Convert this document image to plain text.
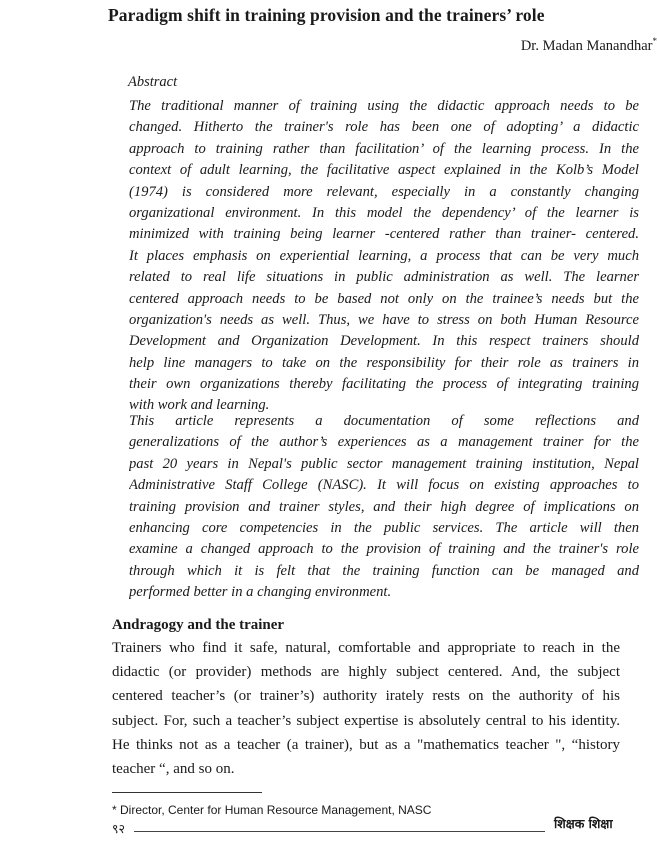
Paradigm shift in training provision and the trainers’ role
Dr. Madan Manandhar*
Abstract
The traditional manner of training using the didactic approach needs to be
changed. Hitherto the trainer's role has been one of adopting’ a didactic
approach to training rather than facilitation’ of the learning process. In the
context of adult learning, the facilitative aspect explained in the Kolb’s Model
(1974) is considered more relevant, especially in a constantly changing
organizational environment. In this model the dependency’ of the learner is
minimized with training being learner -centered rather than trainer- centered.
It places emphasis on experiential learning, a process that can be very much
related to real life situations in public administration as well. The learner
centered approach needs to be based not only on the trainee’s needs but the
organization's needs as well. Thus, we have to stress on both Human Resource
Development and Organization Development. In this respect trainers should
help line managers to take on the responsibility for their role as trainers in
their own organizations thereby facilitating the process of integrating training
with work and learning.
This article represents a documentation of some reflections and
generalizations of the author’s experiences as a management trainer for the
past 20 years in Nepal's public sector management training institution, Nepal
Administrative Staff College (NASC). It will focus on existing approaches to
training provision and trainer styles, and their high degree of implications on
enhancing core competencies in the public services. The article will then
examine a changed approach to the provision of training and the trainer's role
through which it is felt that the training function can be managed and
performed better in a changing environment.
Andragogy and the trainer
Trainers who find it safe, natural, comfortable and appropriate to reach in the
didactic (or provider) methods are highly subject centered. And, the subject
centered teacher’s (or trainer’s) authority irately rests on the authority of his
subject. For, such a teacher’s subject expertise is absolutely central to his identity.
He thinks not as a teacher (a trainer), but as a "mathematics teacher ", “history
teacher “, and so on.
* Director, Center for Human Resource Management, NASC
९२	शिक्षक शिक्षा
